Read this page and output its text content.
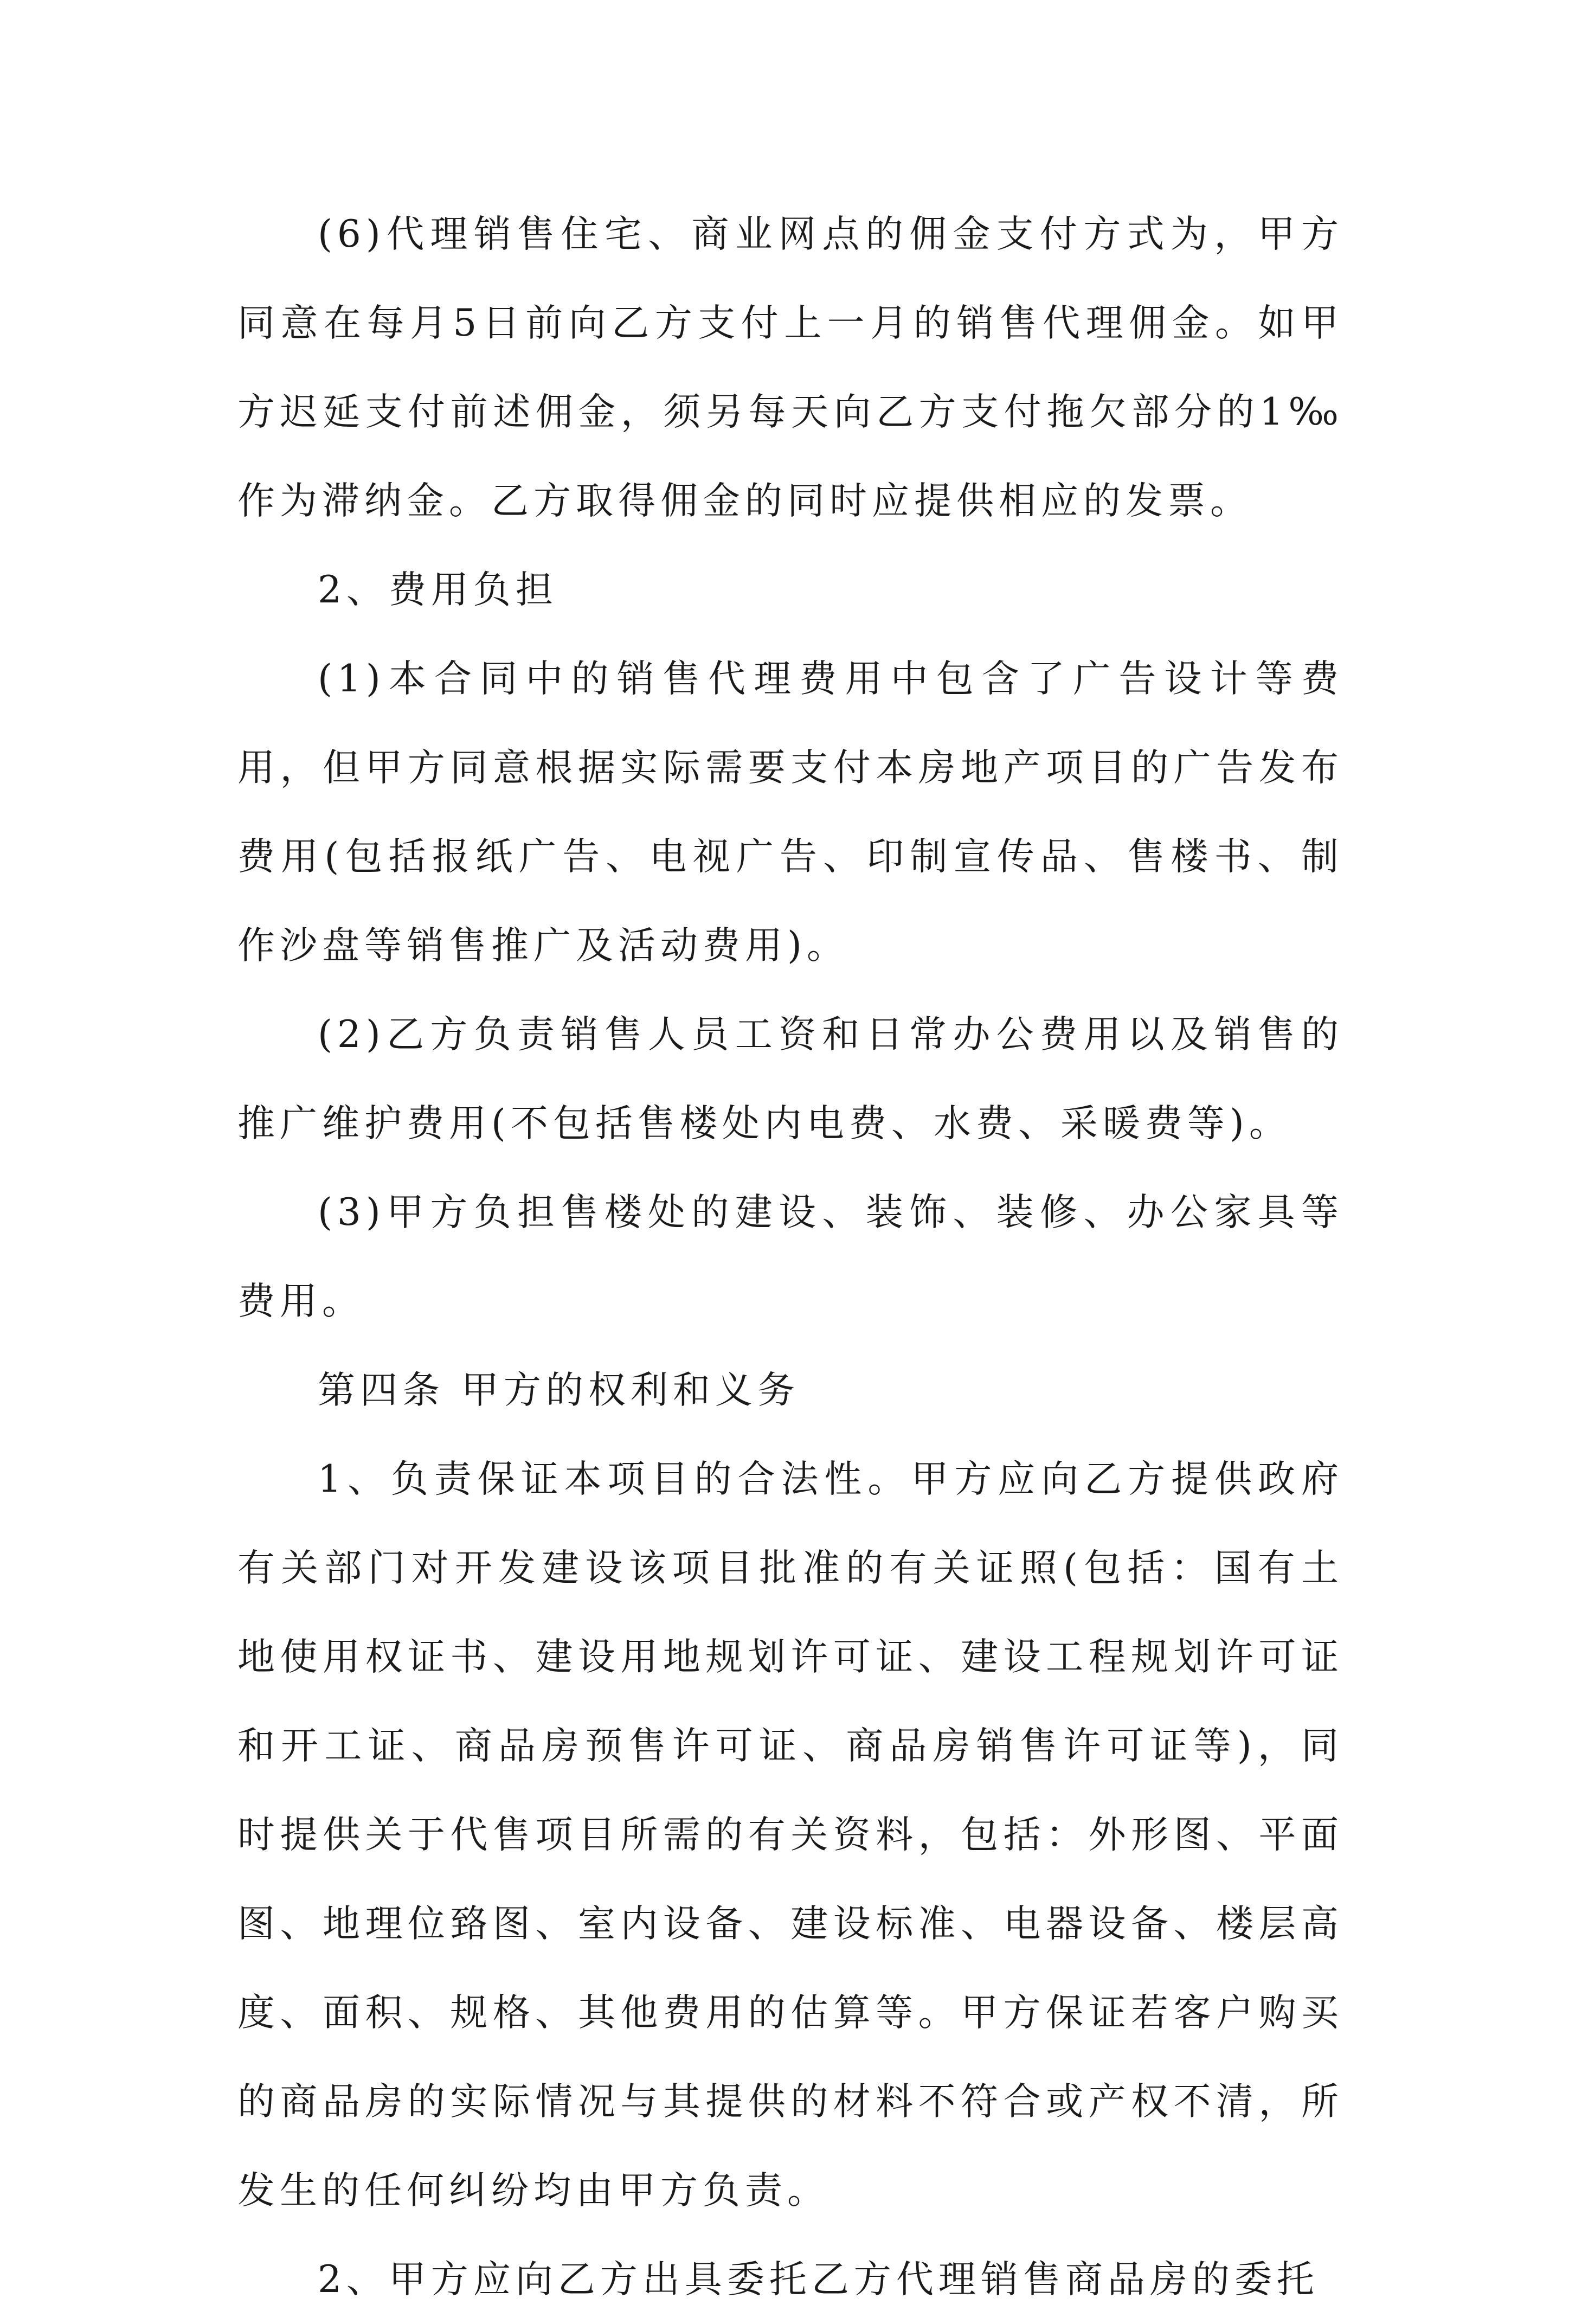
(6)代理销售住宅、商业网点的佣金支付方式为，甲方同意在每月5日前向乙方支付上一月的销售代理佣金。如甲方迟延支付前述佣金，须另每天向乙方支付拖欠部分的1‰作为滞纳金。乙方取得佣金的同时应提供相应的发票。

2、费用负担

(1)本合同中的销售代理费用中包含了广告设计等费用，但甲方同意根据实际需要支付本房地产项目的广告发布费用(包括报纸广告、电视广告、印制宣传品、售楼书、制作沙盘等销售推广及活动费用)。

(2)乙方负责销售人员工资和日常办公费用以及销售的推广维护费用(不包括售楼处内电费、水费、采暖费等)。

(3)甲方负担售楼处的建设、装饰、装修、办公家具等费用。

第四条 甲方的权利和义务

1、负责保证本项目的合法性。甲方应向乙方提供政府有关部门对开发建设该项目批准的有关证照(包括：国有土地使用权证书、建设用地规划许可证、建设工程规划许可证和开工证、商品房预售许可证、商品房销售许可证等)，同时提供关于代售项目所需的有关资料，包括：外形图、平面图、地理位臵图、室内设备、建设标准、电器设备、楼层高度、面积、规格、其他费用的估算等。甲方保证若客户购买的商品房的实际情况与其提供的材料不符合或产权不清，所发生的任何纠纷均由甲方负责。

2、甲方应向乙方出具委托乙方代理销售商品房的委托
